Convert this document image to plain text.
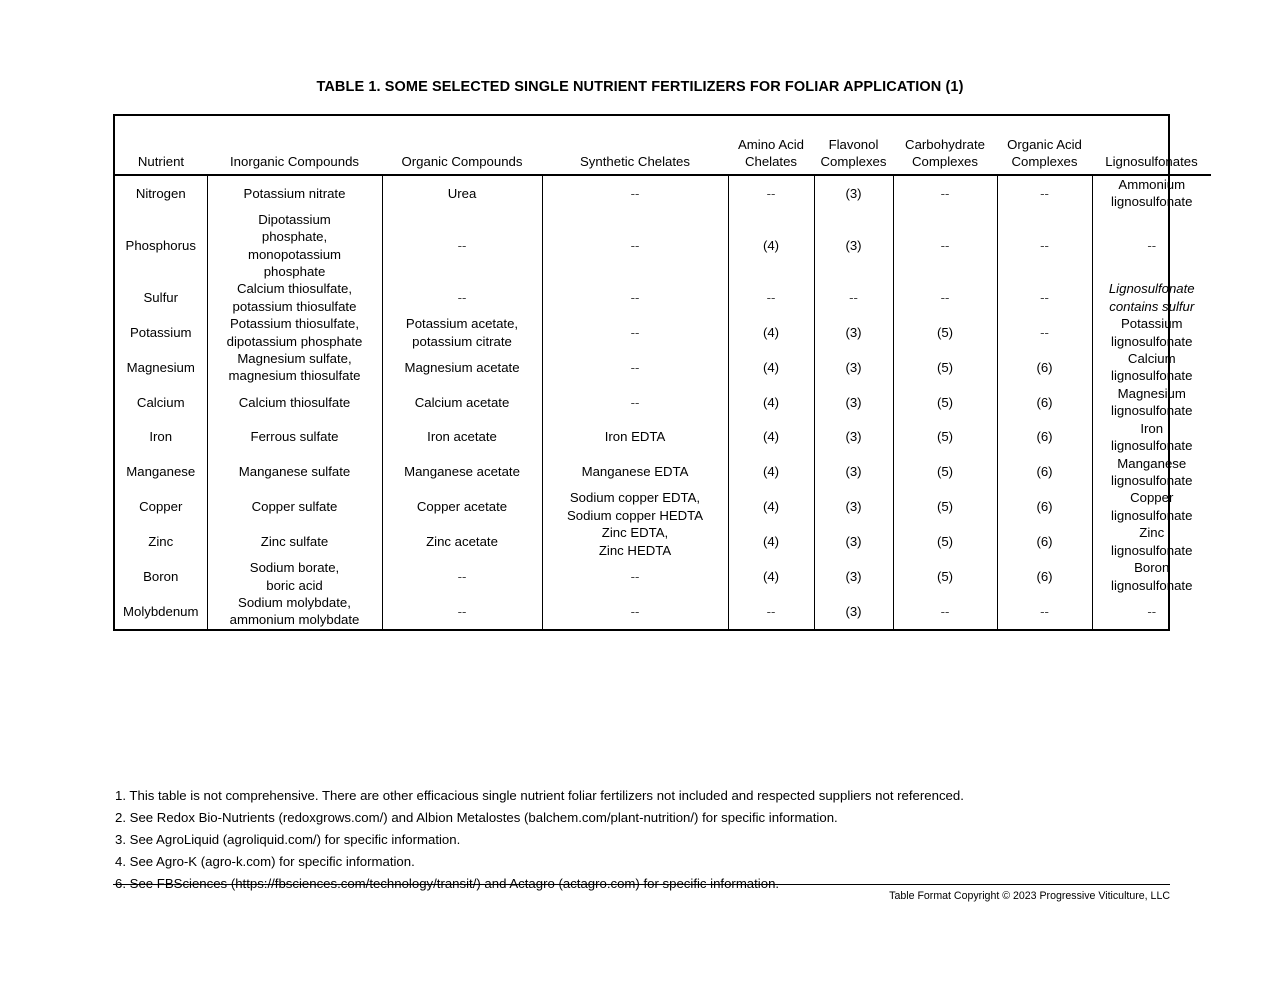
TABLE 1. SOME SELECTED SINGLE NUTRIENT FERTILIZERS FOR FOLIAR APPLICATION (1)
Nutrient	Inorganic Compounds	Organic Compounds	Synthetic Chelates	Amino Acid
Chelates	Flavonol
Complexes	Carbohydrate
Complexes	Organic Acid
Complexes	Lignosulfonates
Nitrogen	Potassium nitrate	Urea	--	--	(3)	--	--	Ammonium
lignosulfonate
Phosphorus	Dipotassium
phosphate,
monopotassium
phosphate	--	--	(4)	(3)	--	--	--
Sulfur	Calcium thiosulfate,
potassium thiosulfate	--	--	--	--	--	--	Lignosulfonate
contains sulfur
Potassium	Potassium thiosulfate,
dipotassium phosphate	Potassium acetate,
potassium citrate	--	(4)	(3)	(5)	--	Potassium
lignosulfonate
Magnesium	Magnesium sulfate,
magnesium thiosulfate	Magnesium acetate	--	(4)	(3)	(5)	(6)	Calcium
lignosulfonate
Calcium	Calcium thiosulfate	Calcium acetate	--	(4)	(3)	(5)	(6)	Magnesium
lignosulfonate
Iron	Ferrous sulfate	Iron acetate	Iron EDTA	(4)	(3)	(5)	(6)	Iron
lignosulfonate
Manganese	Manganese sulfate	Manganese acetate	Manganese EDTA	(4)	(3)	(5)	(6)	Manganese
lignosulfonate
Copper	Copper sulfate	Copper acetate	Sodium copper EDTA,
Sodium copper HEDTA	(4)	(3)	(5)	(6)	Copper
lignosulfonate
Zinc	Zinc sulfate	Zinc acetate	Zinc EDTA,
Zinc HEDTA	(4)	(3)	(5)	(6)	Zinc
lignosulfonate
Boron	Sodium borate,
boric acid	--	--	(4)	(3)	(5)	(6)	Boron
lignosulfonate
Molybdenum	Sodium molybdate,
ammonium molybdate	--	--	--	(3)	--	--	--
1. This table is not comprehensive. There are other efficacious single nutrient foliar fertilizers not included and respected suppliers not referenced.
2. See Redox Bio-Nutrients (redoxgrows.com/) and Albion Metalostes (balchem.com/plant-nutrition/) for specific information.
3. See AgroLiquid (agroliquid.com/) for specific information.
4. See Agro-K (agro-k.com) for specific information.
6. See FBSciences (https://fbsciences.com/technology/transit/) and Actagro (actagro.com) for specific information.
Table Format Copyright © 2023 Progressive Viticulture, LLC
